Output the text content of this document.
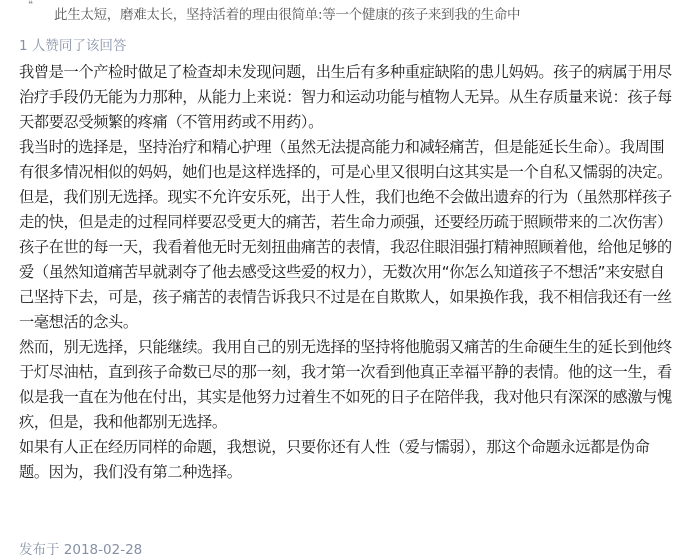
❝
此生太短，磨难太长，坚持活着的理由很简单:等一个健康的孩子来到我的生命中
1 人赞同了该回答

我曾是一个产检时做足了检查却未发现问题，出生后有多种重症缺陷的患儿妈妈。孩子的病属于用尽治疗手段仍无能为力那种，从能力上来说：智力和运动功能与植物人无异。从生存质量来说：孩子每天都要忍受频繁的疼痛（不管用药或不用药）。

我当时的选择是，坚持治疗和精心护理（虽然无法提高能力和减轻痛苦，但是能延长生命）。我周围有很多情况相似的妈妈，她们也是这样选择的，可是心里又很明白这其实是一个自私又懦弱的决定。

但是，我们别无选择。现实不允许安乐死，出于人性，我们也绝不会做出遗弃的行为（虽然那样孩子走的快，但是走的过程同样要忍受更大的痛苦，若生命力顽强，还要经历疏于照顾带来的二次伤害）

孩子在世的每一天，我看着他无时无刻扭曲痛苦的表情，我忍住眼泪强打精神照顾着他，给他足够的爱（虽然知道痛苦早就剥夺了他去感受这些爱的权力），无数次用“你怎么知道孩子不想活”来安慰自己坚持下去，可是，孩子痛苦的表情告诉我只不过是在自欺欺人，如果换作我，我不相信我还有一丝一毫想活的念头。

然而，别无选择，只能继续。我用自己的别无选择的坚持将他脆弱又痛苦的生命硬生生的延长到他终于灯尽油枯，直到孩子命数已尽的那一刻，我才第一次看到他真正幸福平静的表情。他的这一生，看似是我一直在为他在付出，其实是他努力过着生不如死的日子在陪伴我，我对他只有深深的感激与愧疚，但是，我和他都别无选择。

如果有人正在经历同样的命题，我想说，只要你还有人性（爱与懦弱），那这个命题永远都是伪命题。因为，我们没有第二种选择。

发布于 2018-02-28
